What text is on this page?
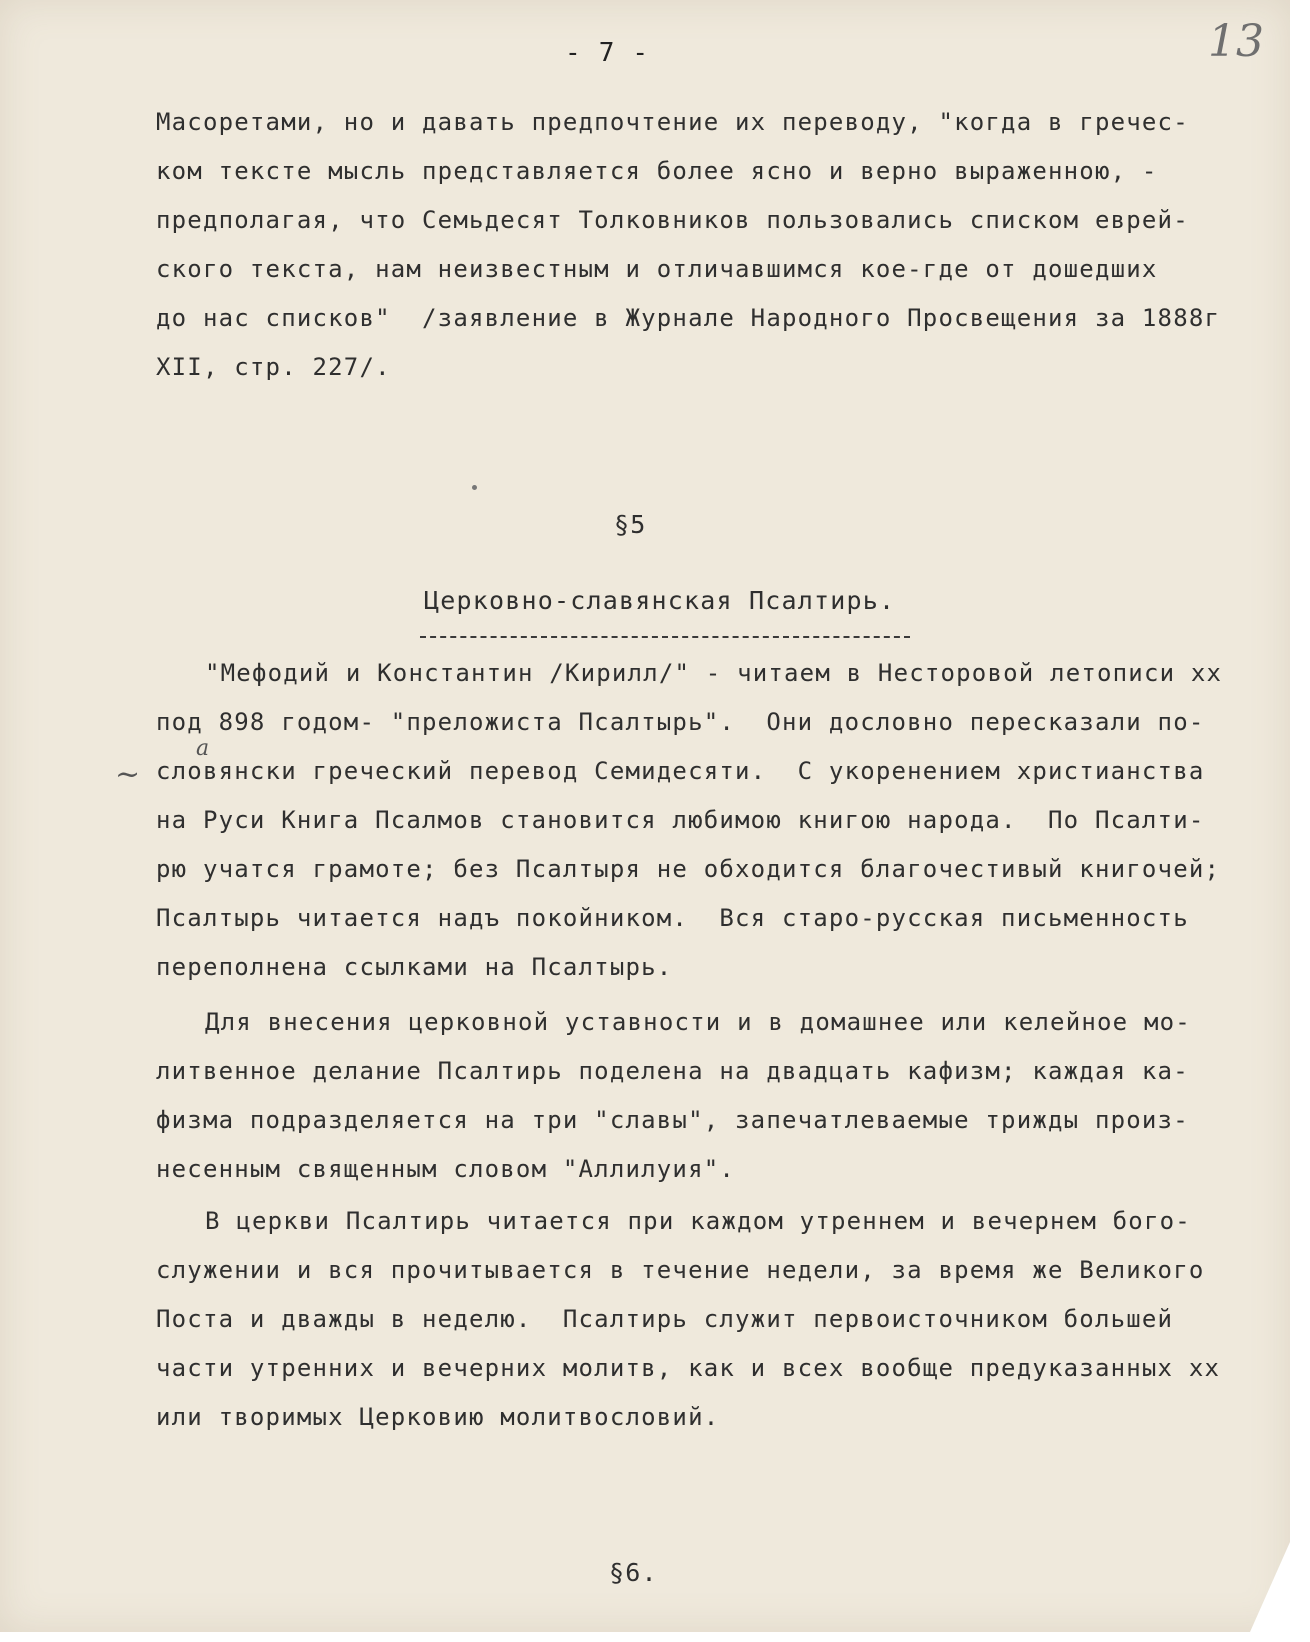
- 7 -	13
Масоретами, но и давать предпочтение их переводу, "когда в гречес-
ком тексте мысль представляется более ясно и верно выраженною, -
предполагая, что Семьдесят Толковников пользовались списком еврей-
ского текста, нам неизвестным и отличавшимся кое-где от дошедших
до нас списков"  /заявление в Журнале Народного Просвещения за 1888г
XII, стр. 227/.
§5
Церковно-славянская Псалтирь.
~
а
"Мефодий и Константин /Кирилл/" - читаем в Несторовой летописи xx
под 898 годом- "преложиста Псалтырь".  Они дословно пересказали по-
словянски греческий перевод Семидесяти.  С укоренением христианства
на Руси Книга Псалмов становится любимою книгою народа.  По Псалти-
рю учатся грамоте; без Псалтыря не обходится благочестивый книгочей;
Псалтырь читается надъ покойником.  Вся старо-русская письменность
переполнена ссылками на Псалтырь.
Для внесения церковной уставности и в домашнее или келейное мо-
литвенное делание Псалтирь поделена на двадцать кафизм; каждая ка-
физма подразделяется на три "славы", запечатлеваемые трижды произ-
несенным священным словом "Аллилуия".
В церкви Псалтирь читается при каждом утреннем и вечернем бого-
служении и вся прочитывается в течение недели, за время же Великого
Поста и дважды в неделю.  Псалтирь служит первоисточником большей
части утренних и вечерних молитв, как и всех вообще предуказанных xx
или творимых Церковию молитвословий.
§6.
